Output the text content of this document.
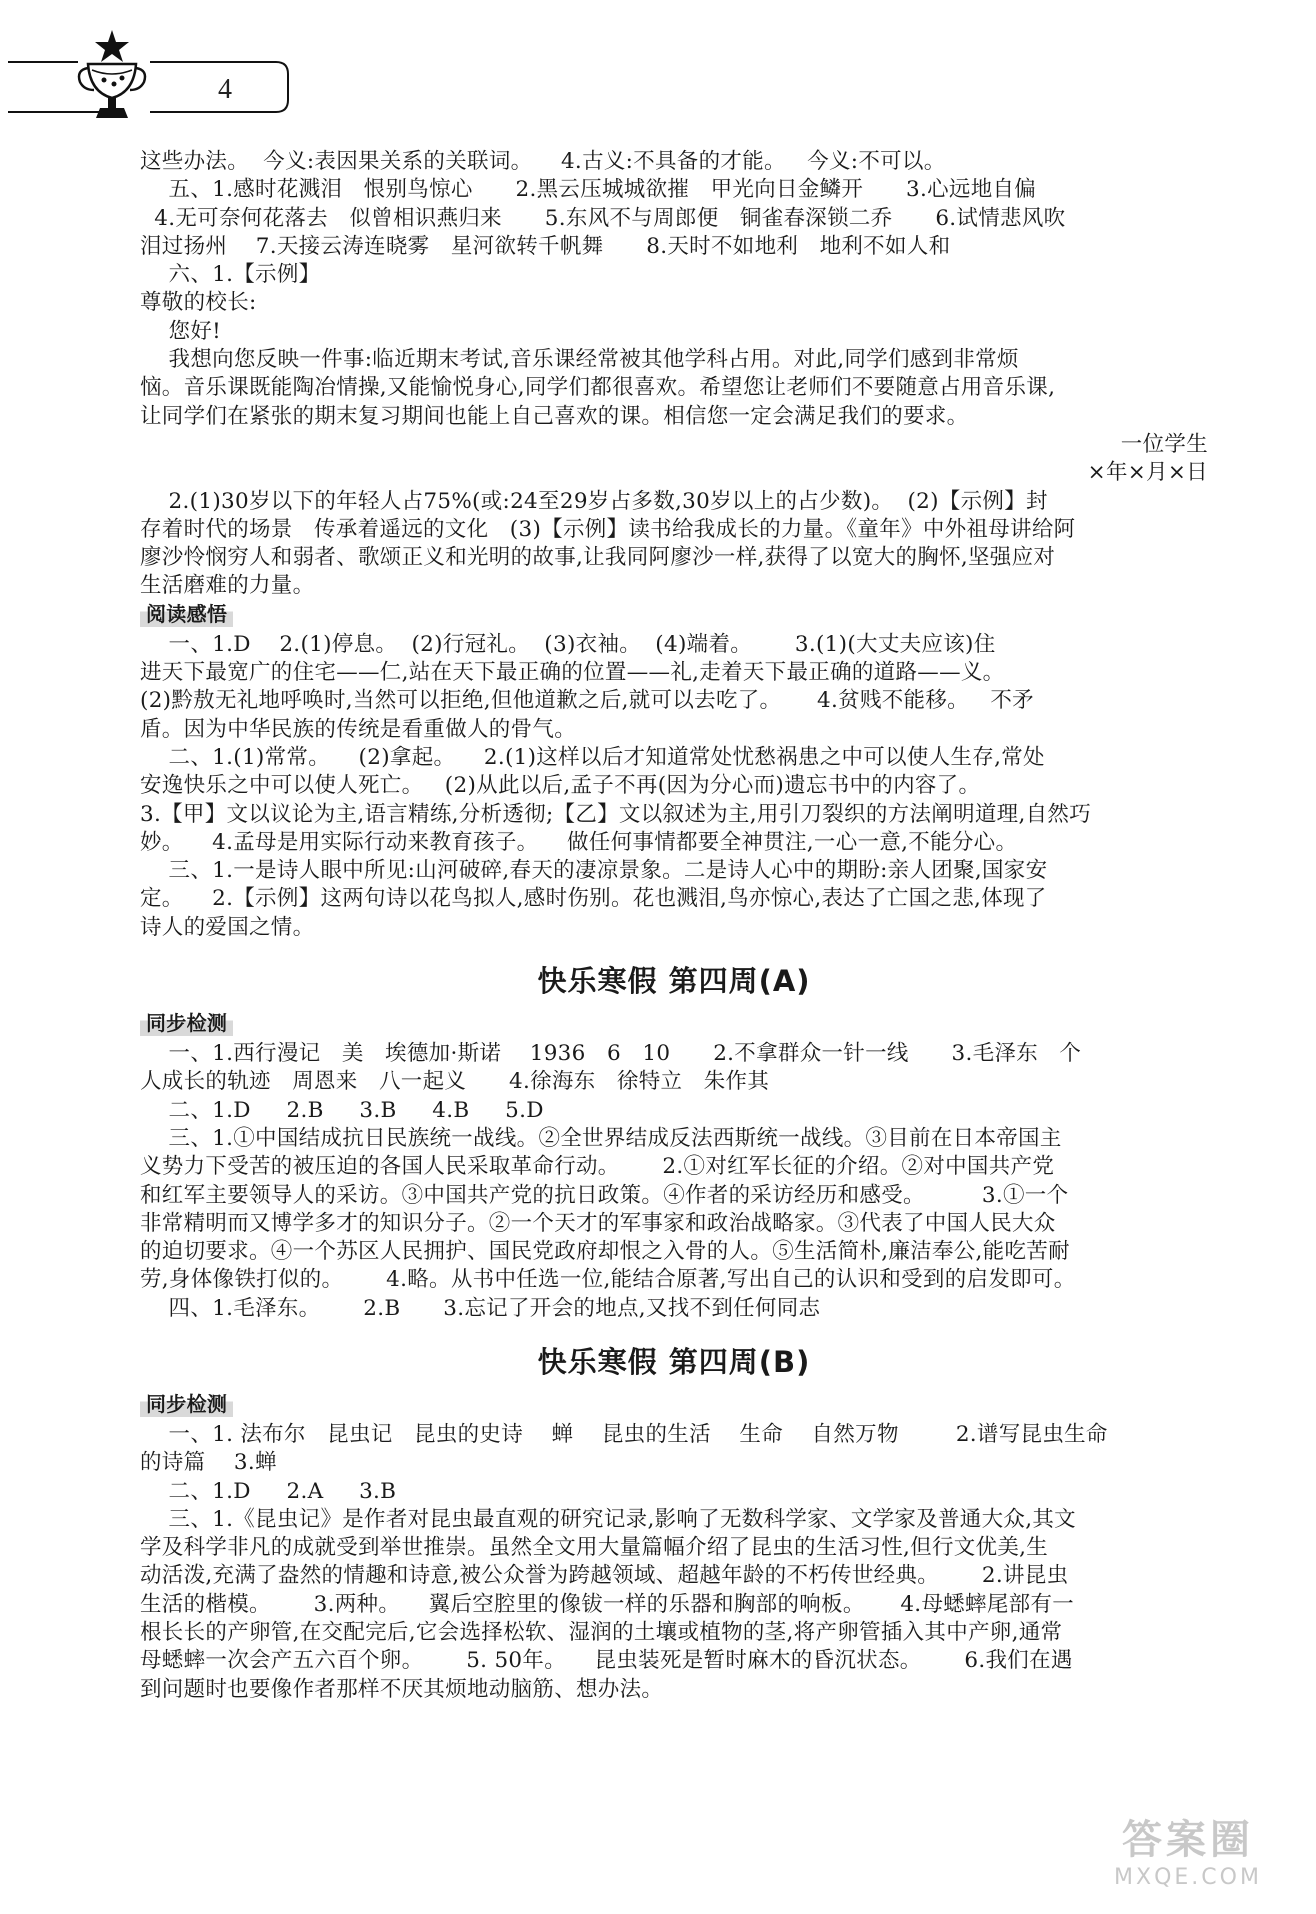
4
这些办法。  今义:表因果关系的关联词。    4.古义:不具备的才能。   今义:不可以。
五、1.感时花溅泪   恨别鸟惊心      2.黑云压城城欲摧   甲光向日金鳞开      3.心远地自偏
4.无可奈何花落去   似曾相识燕归来      5.东风不与周郎便   铜雀春深锁二乔      6.试情悲风吹
泪过扬州    7.天接云涛连晓雾   星河欲转千帆舞      8.天时不如地利   地利不如人和
六、1.【示例】
尊敬的校长:
您好!
我想向您反映一件事:临近期末考试,音乐课经常被其他学科占用。对此,同学们感到非常烦
恼。音乐课既能陶冶情操,又能愉悦身心,同学们都很喜欢。希望您让老师们不要随意占用音乐课,
让同学们在紧张的期末复习期间也能上自己喜欢的课。相信您一定会满足我们的要求。
一位学生
×年×月×日
2.(1)30岁以下的年轻人占75%(或:24至29岁占多数,30岁以上的占少数)。  (2)【示例】封
存着时代的场景   传承着遥远的文化   (3)【示例】读书给我成长的力量。《童年》中外祖母讲给阿
廖沙怜悯穷人和弱者、歌颂正义和光明的故事,让我同阿廖沙一样,获得了以宽大的胸怀,坚强应对
生活磨难的力量。
阅读感悟
一、1.D    2.(1)停息。  (2)行冠礼。  (3)衣袖。  (4)端着。      3.(1)(大丈夫应该)住
进天下最宽广的住宅——仁,站在天下最正确的位置——礼,走着天下最正确的道路——义。
(2)黔敖无礼地呼唤时,当然可以拒绝,但他道歉之后,就可以去吃了。     4.贫贱不能移。   不矛
盾。因为中华民族的传统是看重做人的骨气。
二、1.(1)常常。    (2)拿起。    2.(1)这样以后才知道常处忧愁祸患之中可以使人生存,常处
安逸快乐之中可以使人死亡。   (2)从此以后,孟子不再(因为分心而)遗忘书中的内容了。
3.【甲】文以议论为主,语言精练,分析透彻;【乙】文以叙述为主,用引刀裂织的方法阐明道理,自然巧
妙。    4.孟母是用实际行动来教育孩子。    做任何事情都要全神贯注,一心一意,不能分心。
三、1.一是诗人眼中所见:山河破碎,春天的凄凉景象。二是诗人心中的期盼:亲人团聚,国家安
定。    2.【示例】这两句诗以花鸟拟人,感时伤别。花也溅泪,鸟亦惊心,表达了亡国之悲,体现了
诗人的爱国之情。
快乐寒假 第四周(A)
同步检测
一、1.西行漫记   美   埃德加·斯诺    1936   6   10      2.不拿群众一针一线      3.毛泽东   个
人成长的轨迹   周恩来   八一起义      4.徐海东   徐特立   朱作其
二、1.D     2.B     3.B     4.B     5.D
三、1.①中国结成抗日民族统一战线。②全世界结成反法西斯统一战线。③目前在日本帝国主
义势力下受苦的被压迫的各国人民采取革命行动。      2.①对红军长征的介绍。②对中国共产党
和红军主要领导人的采访。③中国共产党的抗日政策。④作者的采访经历和感受。        3.①一个
非常精明而又博学多才的知识分子。②一个天才的军事家和政治战略家。③代表了中国人民大众
的迫切要求。④一个苏区人民拥护、国民党政府却恨之入骨的人。⑤生活简朴,廉洁奉公,能吃苦耐
劳,身体像铁打似的。      4.略。从书中任选一位,能结合原著,写出自己的认识和受到的启发即可。
四、1.毛泽东。      2.B      3.忘记了开会的地点,又找不到任何同志
快乐寒假 第四周(B)
同步检测
一、1. 法布尔   昆虫记   昆虫的史诗    蝉    昆虫的生活    生命    自然万物        2.谱写昆虫生命
的诗篇    3.蝉
二、1.D     2.A     3.B
三、1.《昆虫记》是作者对昆虫最直观的研究记录,影响了无数科学家、文学家及普通大众,其文
学及科学非凡的成就受到举世推崇。虽然全文用大量篇幅介绍了昆虫的生活习性,但行文优美,生
动活泼,充满了盎然的情趣和诗意,被公众誉为跨越领域、超越年龄的不朽传世经典。      2.讲昆虫
生活的楷模。      3.两种。    翼后空腔里的像钹一样的乐器和胸部的响板。     4.母蟋蟀尾部有一
根长长的产卵管,在交配完后,它会选择松软、湿润的土壤或植物的茎,将产卵管插入其中产卵,通常
母蟋蟀一次会产五六百个卵。      5. 50年。    昆虫装死是暂时麻木的昏沉状态。      6.我们在遇
到问题时也要像作者那样不厌其烦地动脑筋、想办法。
答案圈
MXQE.COM
